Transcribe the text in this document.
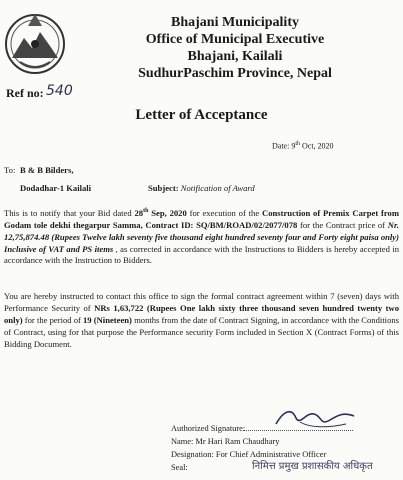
Bhajani Municipality
Office of Municipal Executive
Bhajani, Kailali
SudhurPaschim Province, Nepal
Ref no: 540
Letter of Acceptance
Date: 9th Oct, 2020
To: B & B Bilders,
Dodadhar-1 Kailali	Subject: Notification of Award
This is to notify that your Bid dated 28th Sep, 2020 for execution of the Construction of Premix Carpet from Godam tole dekhi thegarpur Samma, Contract ID: SQ/BM/ROAD/02/2077/078 for the Contract price of Nr. 12,75,874.48 (Rupees Twelve lakh seventy five thousand eight hundred seventy four and Forty eight paisa only) Inclusive of VAT and PS items , as corrected in accordance with the Instructions to Bidders is hereby accepted in accordance with the Instruction to Bidders.
You are hereby instructed to contact this office to sign the formal contract agreement within 7 (seven) days with Performance Security of NRs 1,63,722 (Rupees One lakh sixty three thousand seven hundred twenty two only) for the period of 19 (Nineteen) months from the date of Contract Signing, in accordance with the Conditions of Contract, using for that purpose the Performance security Form included in Section X (Contract Forms) of this Bidding Document.
Authorized Signature:
Name: Mr Hari Ram Chaudhary
Designation: For Chief Administrative Officer
Seal:	निमित्त प्रमुख प्रशासकीय अधिकृत
